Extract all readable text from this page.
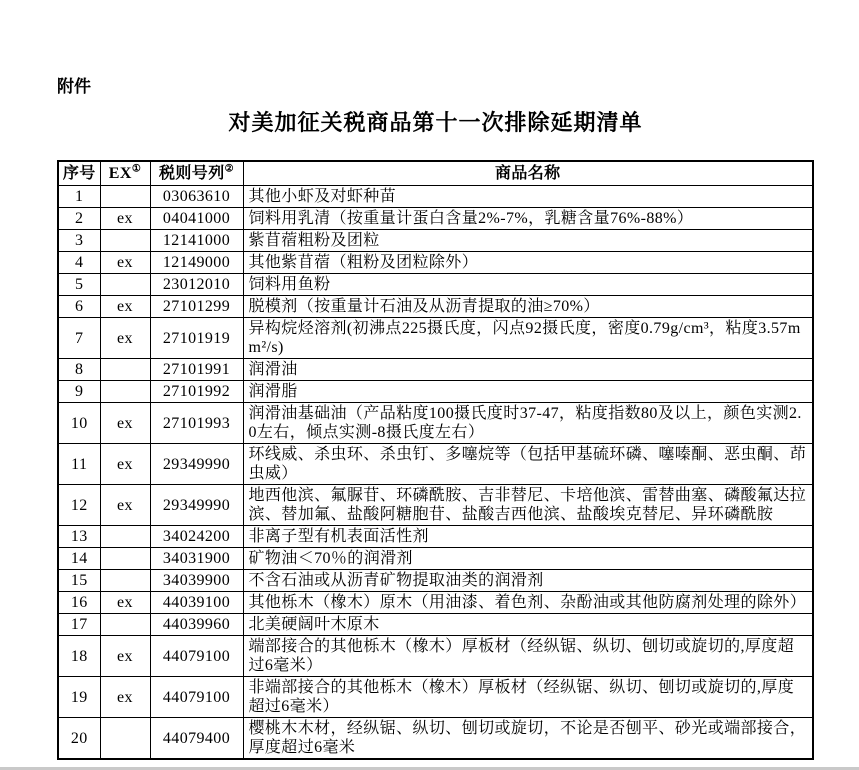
附件
对美加征关税商品第十一次排除延期清单
序号	EX①	税则号列②	商品名称
1		03063610	其他小虾及对虾种苗
2	ex	04041000	饲料用乳清（按重量计蛋白含量2%-7%，乳糖含量76%-88%）
3		12141000	紫苜蓿粗粉及团粒
4	ex	12149000	其他紫苜蓿（粗粉及团粒除外）
5		23012010	饲料用鱼粉
6	ex	27101299	脱模剂（按重量计石油及从沥青提取的油≥70%）
7	ex	27101919	异构烷烃溶剂(初沸点225摄氏度，闪点92摄氏度，密度0.79g/cm³，粘度3.57mm²/s)
8		27101991	润滑油
9		27101992	润滑脂
10	ex	27101993	润滑油基础油（产品粘度100摄氏度时37-47，粘度指数80及以上，颜色实测2.0左右，倾点实测-8摄氏度左右）
11	ex	29349990	环线威、杀虫环、杀虫钉、多噻烷等（包括甲基硫环磷、噻嗪酮、恶虫酮、茚虫威）
12	ex	29349990	地西他滨、氟脲苷、环磷酰胺、吉非替尼、卡培他滨、雷替曲塞、磷酸氟达拉滨、替加氟、盐酸阿糖胞苷、盐酸吉西他滨、盐酸埃克替尼、异环磷酰胺
13		34024200	非离子型有机表面活性剂
14		34031900	矿物油＜70％的润滑剂
15		34039900	不含石油或从沥青矿物提取油类的润滑剂
16	ex	44039100	其他栎木（橡木）原木（用油漆、着色剂、杂酚油或其他防腐剂处理的除外）
17		44039960	北美硬阔叶木原木
18	ex	44079100	端部接合的其他栎木（橡木）厚板材（经纵锯、纵切、刨切或旋切的,厚度超过6毫米）
19	ex	44079100	非端部接合的其他栎木（橡木）厚板材（经纵锯、纵切、刨切或旋切的,厚度超过6毫米）
20		44079400	樱桃木木材，经纵锯、纵切、刨切或旋切，不论是否刨平、砂光或端部接合，厚度超过6毫米
